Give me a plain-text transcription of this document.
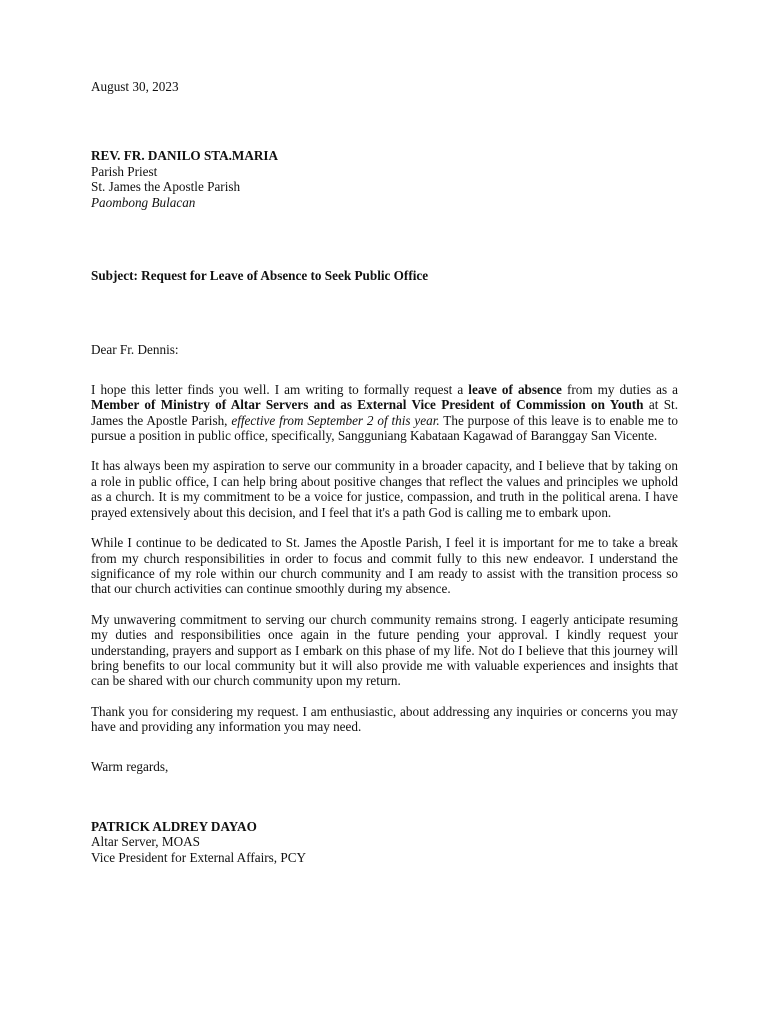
August 30, 2023

REV. FR. DANILO STA.MARIA

Parish Priest

St. James the Apostle Parish

Paombong Bulacan

Subject: Request for Leave of Absence to Seek Public Office

Dear Fr. Dennis:

I hope this letter finds you well. I am writing to formally request a leave of absence from my duties as a Member of Ministry of Altar Servers and as External Vice President of Commission on Youth at St. James the Apostle Parish, effective from September 2 of this year. The purpose of this leave is to enable me to pursue a position in public office, specifically, Sangguniang Kabataan Kagawad of Baranggay San Vicente.

It has always been my aspiration to serve our community in a broader capacity, and I believe that by taking on a role in public office, I can help bring about positive changes that reflect the values and principles we uphold as a church. It is my commitment to be a voice for justice, compassion, and truth in the political arena. I have prayed extensively about this decision, and I feel that it's a path God is calling me to embark upon.

While I continue to be dedicated to St. James the Apostle Parish, I feel it is important for me to take a break from my church responsibilities in order to focus and commit fully to this new endeavor. I understand the significance of my role within our church community and I am ready to assist with the transition process so that our church activities can continue smoothly during my absence.

My unwavering commitment to serving our church community remains strong. I eagerly anticipate resuming my duties and responsibilities once again in the future pending your approval. I kindly request your understanding, prayers and support as I embark on this phase of my life. Not do I believe that this journey will bring benefits to our local community but it will also provide me with valuable experiences and insights that can be shared with our church community upon my return.

Thank you for considering my request. I am enthusiastic, about addressing any inquiries or concerns you may have and providing any information you may need.

Warm regards,

PATRICK ALDREY DAYAO

Altar Server, MOAS

Vice President for External Affairs, PCY
